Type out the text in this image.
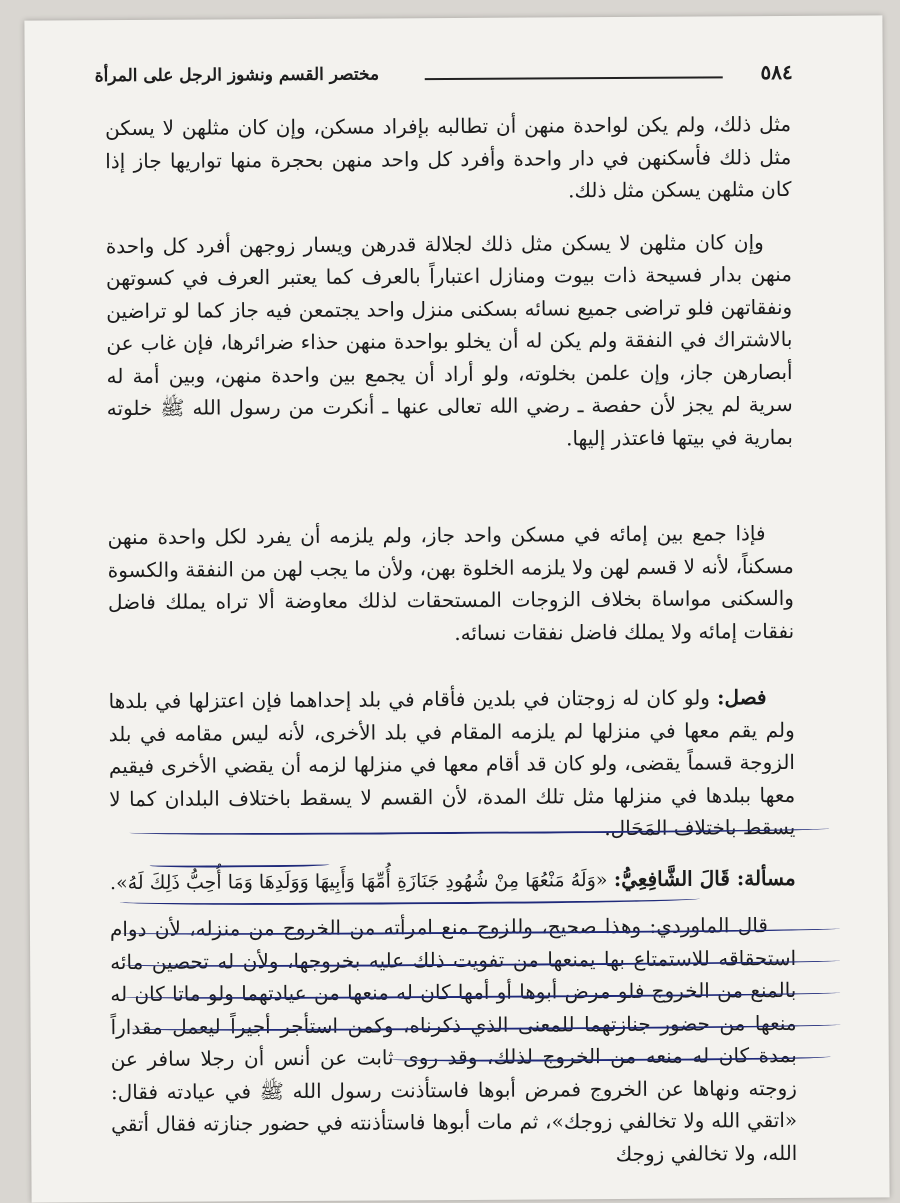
٥٨٤
مختصر القسم ونشوز الرجل على المرأة

مثل ذلك، ولم يكن لواحدة منهن أن تطالبه بإفراد مسكن، وإن كان مثلهن لا يسكن مثل ذلك فأسكنهن في دار واحدة وأفرد كل واحد منهن بحجرة منها تواريها جاز إذا كان مثلهن يسكن مثل ذلك.

وإن كان مثلهن لا يسكن مثل ذلك لجلالة قدرهن ويسار زوجهن أفرد كل واحدة منهن بدار فسيحة ذات بيوت ومنازل اعتباراً بالعرف كما يعتبر العرف في كسوتهن ونفقاتهن فلو تراضى جميع نسائه بسكنى منزل واحد يجتمعن فيه جاز كما لو تراضين بالاشتراك في النفقة ولم يكن له أن يخلو بواحدة منهن حذاء ضرائرها، فإن غاب عن أبصارهن جاز، وإن علمن بخلوته، ولو أراد أن يجمع بين واحدة منهن، وبين أمة له سرية لم يجز لأن حفصة ـ رضي الله تعالى عنها ـ أنكرت من رسول الله ﷺ خلوته بمارية في بيتها فاعتذر إليها.

فإذا جمع بين إمائه في مسكن واحد جاز، ولم يلزمه أن يفرد لكل واحدة منهن مسكناً، لأنه لا قسم لهن ولا يلزمه الخلوة بهن، ولأن ما يجب لهن من النفقة والكسوة والسكنى مواساة بخلاف الزوجات المستحقات لذلك معاوضة ألا تراه يملك فاضل نفقات إمائه ولا يملك فاضل نفقات نسائه.

فصل: ولو كان له زوجتان في بلدين فأقام في بلد إحداهما فإن اعتزلها في بلدها ولم يقم معها في منزلها لم يلزمه المقام في بلد الأخرى، لأنه ليس مقامه في بلد الزوجة قسماً يقضى، ولو كان قد أقام معها في منزلها لزمه أن يقضي الأخرى فيقيم معها ببلدها في منزلها مثل تلك المدة، لأن القسم لا يسقط باختلاف البلدان كما لا يسقط باختلاف المَحَال.

مسألة: قَالَ الشَّافِعِيُّ: «وَلَهُ مَنْعُهَا مِنْ شُهُودِ جَنَازَةِ أُمِّهَا وَأَبِيهَا وَوَلَدِهَا وَمَا أُحِبُّ ذَلِكَ لَهُ».

قال الماوردي: وهذا صحيح، وللزوج منع امرأته من الخروج من منزله، لأن دوام استحقاقه للاستمتاع بها يمنعها من تفويت ذلك عليه بخروجها، ولأن له تحصين مائه بالمنع من الخروج فلو مرض أبوها أو أمها كان له منعها من عيادتهما ولو ماتا كان له منعها من حضور جنازتهما للمعنى الذي ذكرناه، وكمن استأجر أجيراً ليعمل مقداراً بمدة كان له منعه من الخروج لذلك، وقد روى ثابت عن أنس أن رجلا سافر عن زوجته ونهاها عن الخروج فمرض أبوها فاستأذنت رسول الله ﷺ في عيادته فقال: «اتقي الله ولا تخالفي زوجك»، ثم مات أبوها فاستأذنته في حضور جنازته فقال أتقي الله، ولا تخالفي زوجك
